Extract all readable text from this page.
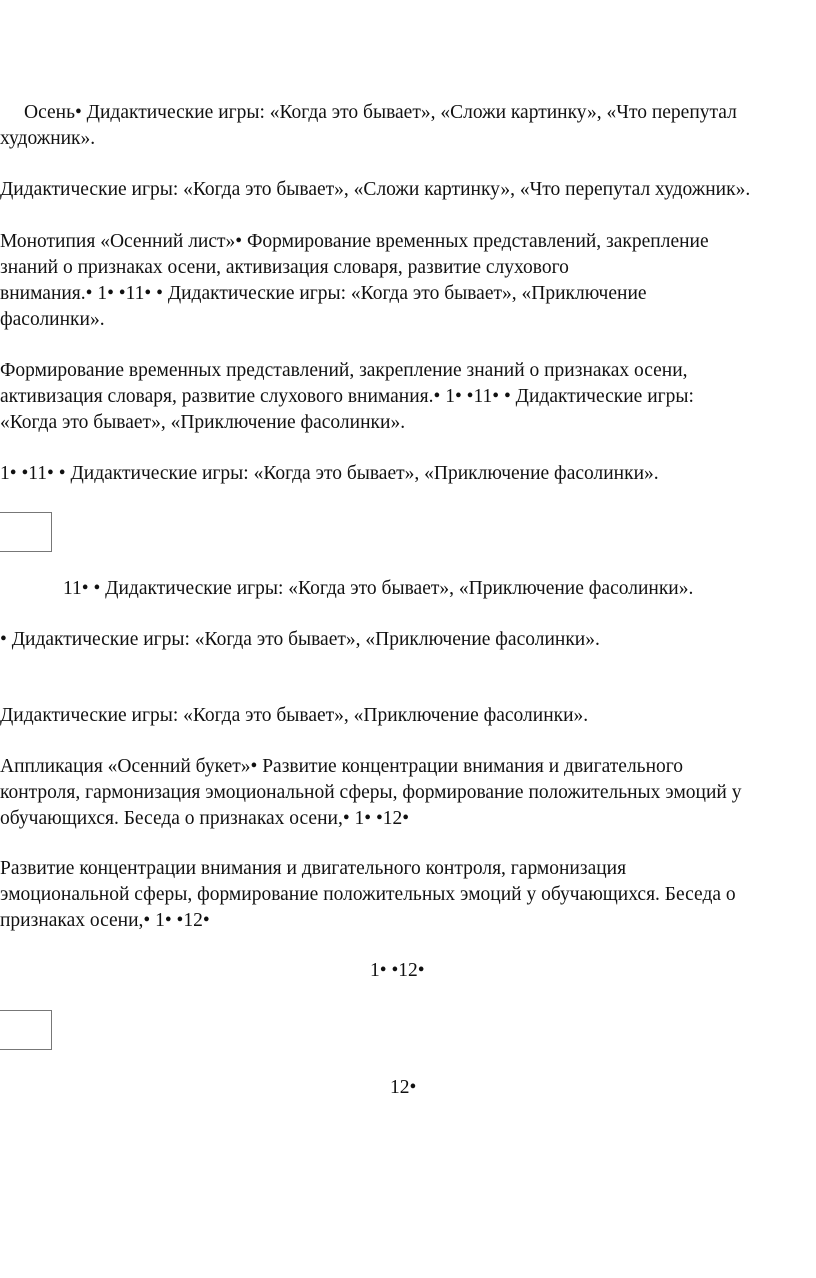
Осень• Дидактические игры: «Когда это бывает», «Сложи картинку», «Что перепутал
художник».
Дидактические игры: «Когда это бывает», «Сложи картинку», «Что перепутал художник».
Монотипия «Осенний лист»• Формирование временных представлений, закрепление
знаний о признаках осени, активизация словаря, развитие слухового
внимания.• 1• •11• • Дидактические игры: «Когда это бывает», «Приключение
фасолинки».
Формирование временных представлений, закрепление знаний о признаках осени,
активизация словаря, развитие слухового внимания.• 1• •11• • Дидактические игры:
«Когда это бывает», «Приключение фасолинки».
1• •11• • Дидактические игры: «Когда это бывает», «Приключение фасолинки».
11• • Дидактические игры: «Когда это бывает», «Приключение фасолинки».
• Дидактические игры: «Когда это бывает», «Приключение фасолинки».
Дидактические игры: «Когда это бывает», «Приключение фасолинки».
Аппликация «Осенний букет»• Развитие концентрации внимания и двигательного
контроля, гармонизация эмоциональной сферы, формирование положительных эмоций у
обучающихся. Беседа о признаках осени,• 1• •12•
Развитие концентрации внимания и двигательного контроля, гармонизация
эмоциональной сферы, формирование положительных эмоций у обучающихся. Беседа о
признаках осени,• 1• •12•
1• •12•
12•
